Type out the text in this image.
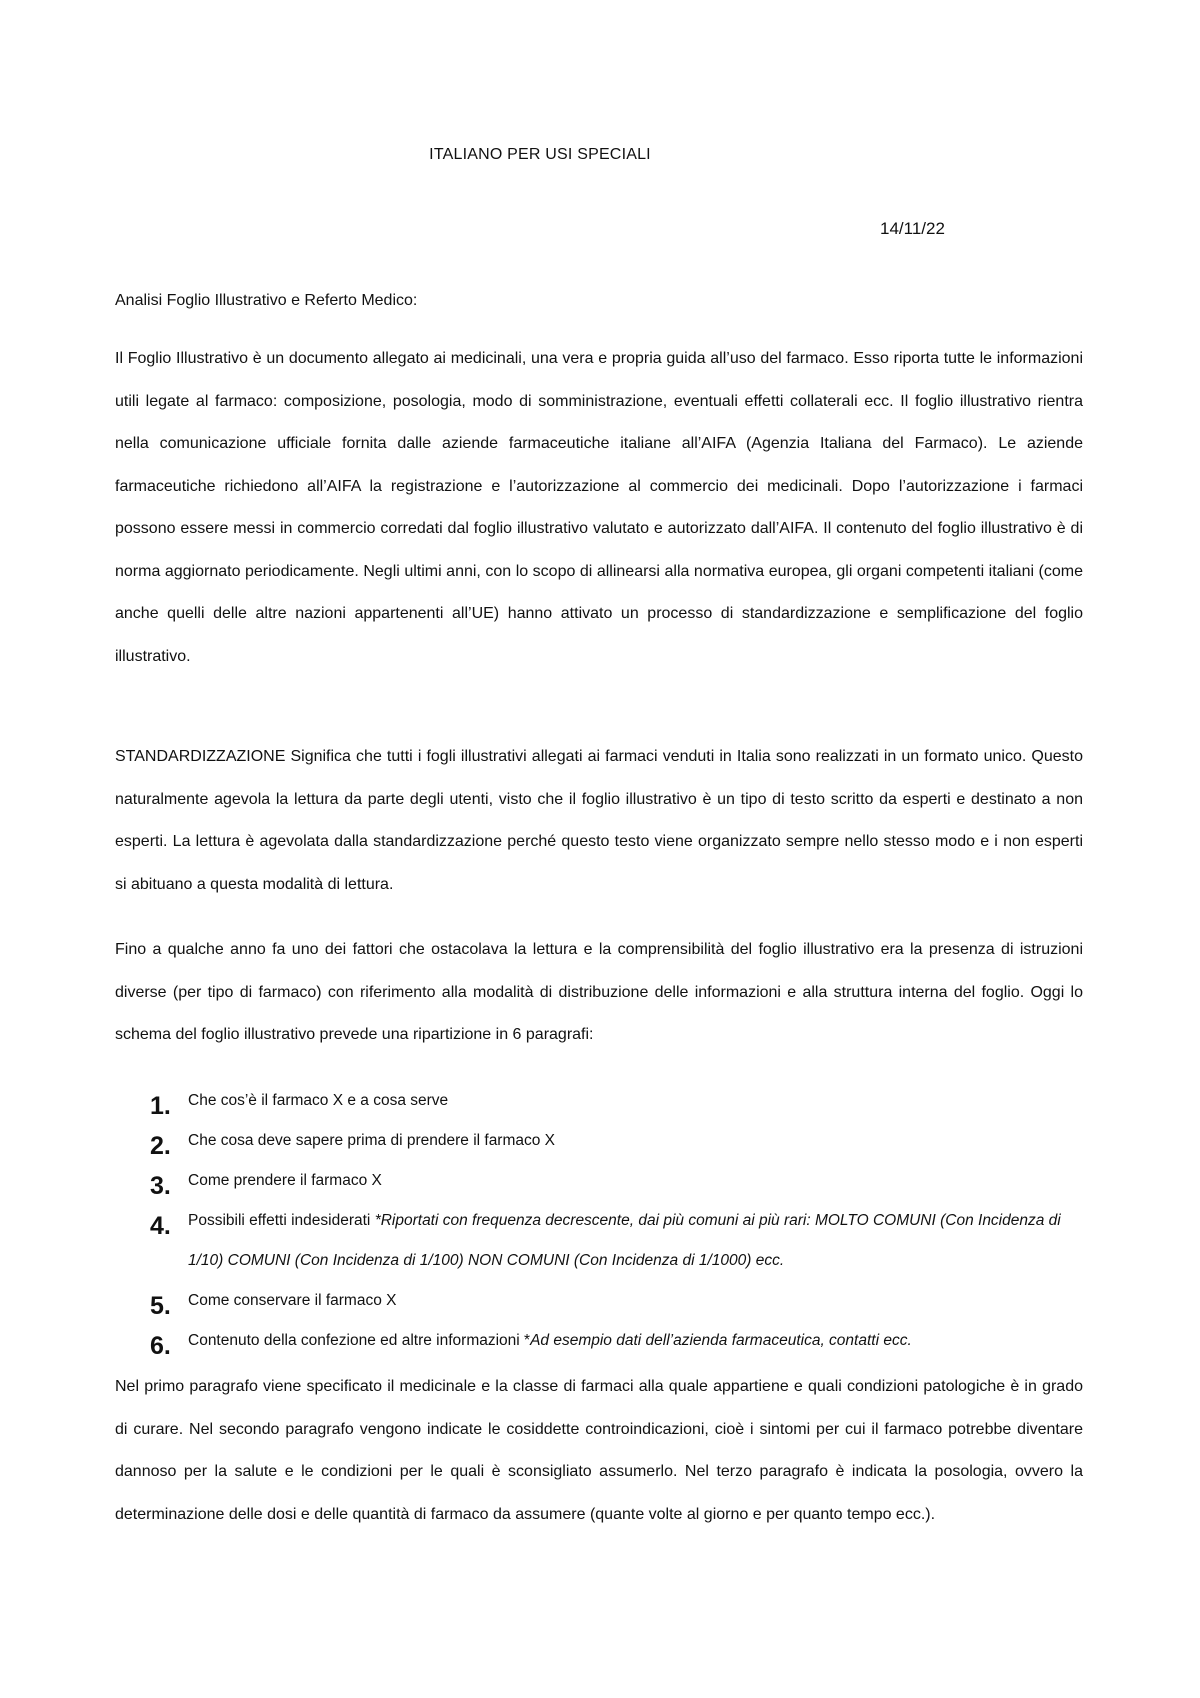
ITALIANO PER USI SPECIALI
14/11/22
Analisi Foglio Illustrativo e Referto Medico:

Il Foglio Illustrativo è un documento allegato ai medicinali, una vera e propria guida all’uso del farmaco. Esso riporta tutte le informazioni utili legate al farmaco: composizione, posologia, modo di somministrazione, eventuali effetti collaterali ecc. Il foglio illustrativo rientra nella comunicazione ufficiale fornita dalle aziende farmaceutiche italiane all’AIFA (Agenzia Italiana del Farmaco). Le aziende farmaceutiche richiedono all’AIFA la registrazione e l’autorizzazione al commercio dei medicinali. Dopo l’autorizzazione i farmaci possono essere messi in commercio corredati dal foglio illustrativo valutato e autorizzato dall’AIFA. Il contenuto del foglio illustrativo è di norma aggiornato periodicamente. Negli ultimi anni, con lo scopo di allinearsi alla normativa europea, gli organi competenti italiani (come anche quelli delle altre nazioni appartenenti all’UE) hanno attivato un processo di standardizzazione e semplificazione del foglio illustrativo.

STANDARDIZZAZIONE Significa che tutti i fogli illustrativi allegati ai farmaci venduti in Italia sono realizzati in un formato unico. Questo naturalmente agevola la lettura da parte degli utenti, visto che il foglio illustrativo è un tipo di testo scritto da esperti e destinato a non esperti. La lettura è agevolata dalla standardizzazione perché questo testo viene organizzato sempre nello stesso modo e i non esperti si abituano a questa modalità di lettura.

Fino a qualche anno fa uno dei fattori che ostacolava la lettura e la comprensibilità del foglio illustrativo era la presenza di istruzioni diverse (per tipo di farmaco) con riferimento alla modalità di distribuzione delle informazioni e alla struttura interna del foglio. Oggi lo schema del foglio illustrativo prevede una ripartizione in 6 paragrafi:

1. Che cos’è il farmaco X e a cosa serve
2. Che cosa deve sapere prima di prendere il farmaco X
3. Come prendere il farmaco X
4. Possibili effetti indesiderati *Riportati con frequenza decrescente, dai più comuni ai più rari: MOLTO COMUNI (Con Incidenza di 1/10) COMUNI (Con Incidenza di 1/100) NON COMUNI (Con Incidenza di 1/1000) ecc.
5. Come conservare il farmaco X
6. Contenuto della confezione ed altre informazioni *Ad esempio dati dell’azienda farmaceutica, contatti ecc.

Nel primo paragrafo viene specificato il medicinale e la classe di farmaci alla quale appartiene e quali condizioni patologiche è in grado di curare. Nel secondo paragrafo vengono indicate le cosiddette controindicazioni, cioè i sintomi per cui il farmaco potrebbe diventare dannoso per la salute e le condizioni per le quali è sconsigliato assumerlo. Nel terzo paragrafo è indicata la posologia, ovvero la determinazione delle dosi e delle quantità di farmaco da assumere (quante volte al giorno e per quanto tempo ecc.).
